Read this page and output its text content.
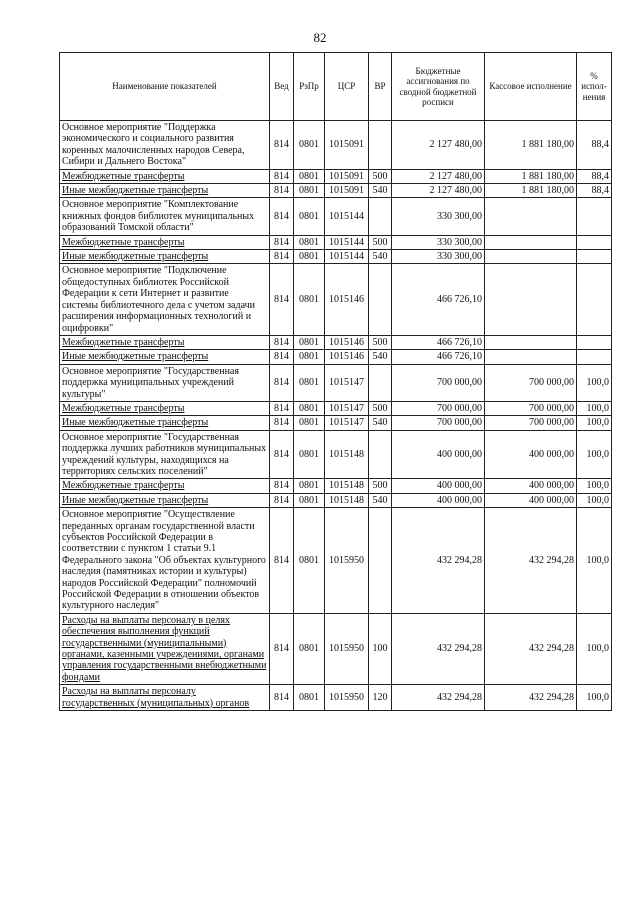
82
Наименование показателей	Вед	РзПр	ЦСР	ВР	Бюджетные ассигнования по сводной бюджетной росписи	Кассовое исполнение	% испол-нения
Основное мероприятие "Поддержка экономического и социального развития коренных малочисленных народов Севера, Сибири и Дальнего Востока"	814	0801	1015091		2 127 480,00	1 881 180,00	88,4
Межбюджетные трансферты	814	0801	1015091	500	2 127 480,00	1 881 180,00	88,4
Иные межбюджетные трансферты	814	0801	1015091	540	2 127 480,00	1 881 180,00	88,4
Основное мероприятие "Комплектование книжных фондов библиотек муниципальных образований Томской области"	814	0801	1015144		330 300,00		
Межбюджетные трансферты	814	0801	1015144	500	330 300,00		
Иные межбюджетные трансферты	814	0801	1015144	540	330 300,00		
Основное мероприятие "Подключение общедоступных библиотек Российской Федерации к сети Интернет и развитие системы библиотечного дела с учетом задачи расширения информационных технологий и оцифровки"	814	0801	1015146		466 726,10		
Межбюджетные трансферты	814	0801	1015146	500	466 726,10		
Иные межбюджетные трансферты	814	0801	1015146	540	466 726,10		
Основное мероприятие "Государственная поддержка муниципальных учреждений культуры"	814	0801	1015147		700 000,00	700 000,00	100,0
Межбюджетные трансферты	814	0801	1015147	500	700 000,00	700 000,00	100,0
Иные межбюджетные трансферты	814	0801	1015147	540	700 000,00	700 000,00	100,0
Основное мероприятие "Государственная поддержка лучших работников муниципальных учреждений культуры, находящихся на территориях сельских поселений"	814	0801	1015148		400 000,00	400 000,00	100,0
Межбюджетные трансферты	814	0801	1015148	500	400 000,00	400 000,00	100,0
Иные межбюджетные трансферты	814	0801	1015148	540	400 000,00	400 000,00	100,0
Основное мероприятие "Осуществление переданных органам государственной власти субъектов Российской Федерации в соответствии с пунктом 1 статьи 9.1 Федерального закона "Об объектах культурного наследия (памятниках истории и культуры) народов Российской Федерации" полномочий Российской Федерации в отношении объектов культурного наследия"	814	0801	1015950		432 294,28	432 294,28	100,0
Расходы на выплаты персоналу в целях обеспечения выполнения функций государственными (муниципальными) органами, казенными учреждениями, органами управления государственными внебюджетными фондами	814	0801	1015950	100	432 294,28	432 294,28	100,0
Расходы на выплаты персоналу государственных (муниципальных) органов	814	0801	1015950	120	432 294,28	432 294,28	100,0
